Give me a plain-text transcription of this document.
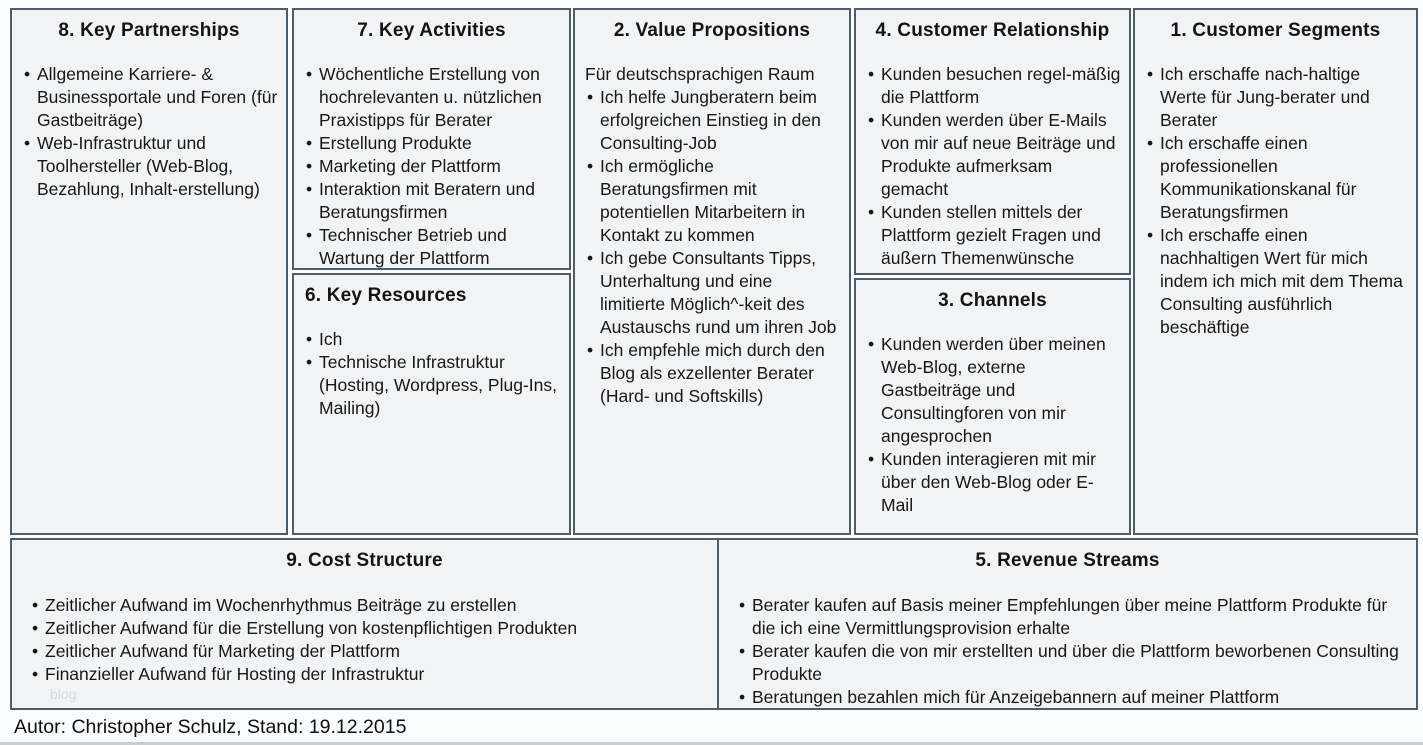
8. Key Partnerships
• Allgemeine Karriere- & Businessportale und Foren (für Gastbeiträge)
• Web-Infrastruktur und Toolhersteller (Web-Blog, Bezahlung, Inhalt-erstellung)
7. Key Activities
• Wöchentliche Erstellung von hochrelevanten u. nützlichen Praxistipps für Berater
• Erstellung Produkte
• Marketing der Plattform
• Interaktion mit Beratern und Beratungsfirmen
• Technischer Betrieb und Wartung der Plattform
6. Key Resources
• Ich
• Technische Infrastruktur (Hosting, Wordpress, Plug-Ins, Mailing)
2. Value Propositions
Für deutschsprachigen Raum
• Ich helfe Jungberatern beim erfolgreichen Einstieg in den Consulting-Job
• Ich ermögliche Beratungsfirmen mit potentiellen Mitarbeitern in Kontakt zu kommen
• Ich gebe Consultants Tipps, Unterhaltung und eine limitierte Möglich^-keit des Austauschs rund um ihren Job
• Ich empfehle mich durch den Blog als exzellenter Berater (Hard- und Softskills)
4. Customer Relationship
• Kunden besuchen regel-mäßig die Plattform
• Kunden werden über E-Mails von mir auf neue Beiträge und Produkte aufmerksam gemacht
• Kunden stellen mittels der Plattform gezielt Fragen und äußern Themenwünsche
3. Channels
• Kunden werden über meinen Web-Blog, externe Gastbeiträge und Consultingforen von mir angesprochen
• Kunden interagieren mit mir über den Web-Blog oder E-Mail
1. Customer Segments
• Ich erschaffe nach-haltige Werte für Jung-berater und Berater
• Ich erschaffe einen professionellen Kommunikationskanal für Beratungsfirmen
• Ich erschaffe einen nachhaltigen Wert für mich indem ich mich mit dem Thema Consulting ausführlich beschäftige
9. Cost Structure
• Zeitlicher Aufwand im Wochenrhythmus Beiträge zu erstellen
• Zeitlicher Aufwand für die Erstellung von kostenpflichtigen Produkten
• Zeitlicher Aufwand für Marketing der Plattform
• Finanzieller Aufwand für Hosting der Infrastruktur
5. Revenue Streams
• Berater kaufen auf Basis meiner Empfehlungen über meine Plattform Produkte für die ich eine Vermittlungsprovision erhalte
• Berater kaufen die von mir erstellten und über die Plattform beworbenen Consulting Produkte
• Beratungen bezahlen mich für Anzeigebannern auf meiner Plattform
blog
Autor: Christopher Schulz, Stand: 19.12.2015
